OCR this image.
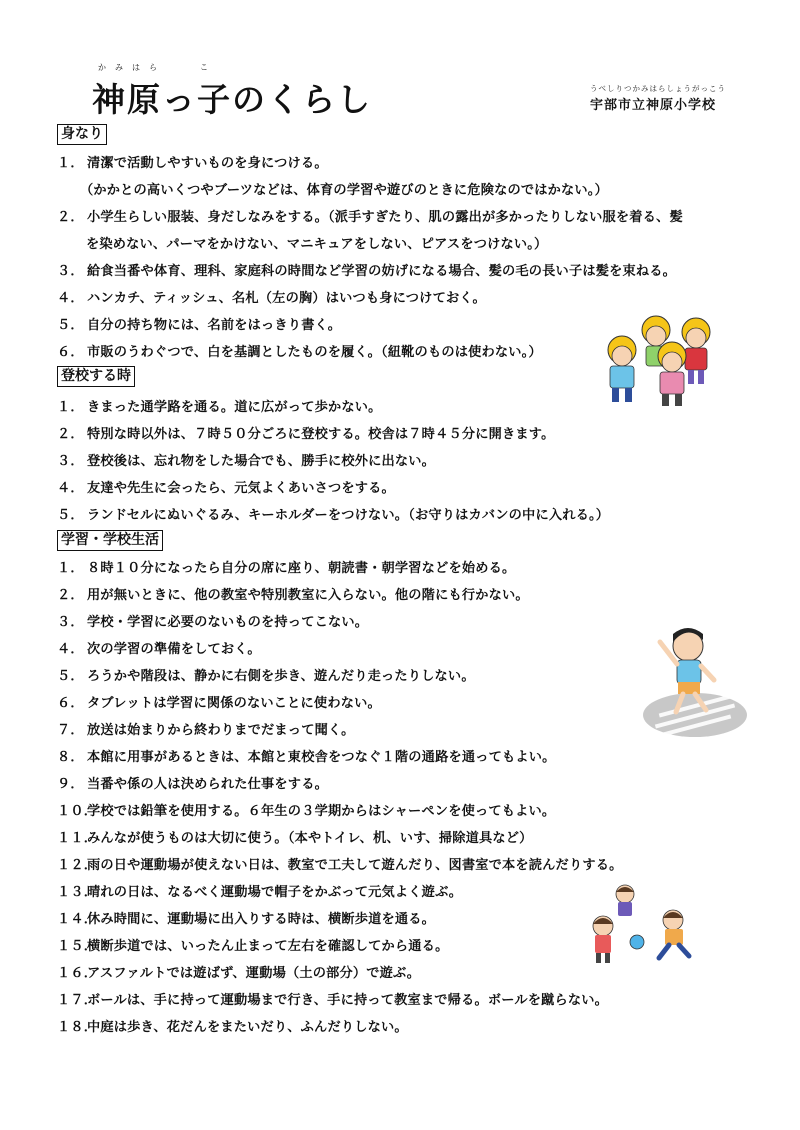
かみはら　　こ
神原っ子のくらし	うべしりつかみはらしょうがっこう
宇部市立神原小学校
身なり
１． 清潔で活動しやすいものを身につける。
（かかとの高いくつやブーツなどは、体育の学習や遊びのときに危険なのではかない。）
２． 小学生らしい服装、身だしなみをする。（派手すぎたり、肌の露出が多かったりしない服を着る、髪
を染めない、パーマをかけない、マニキュアをしない、ピアスをつけない。）
３． 給食当番や体育、理科、家庭科の時間など学習の妨げになる場合、髪の毛の長い子は髪を束ねる。
４． ハンカチ、ティッシュ、名札（左の胸）はいつも身につけておく。
５． 自分の持ち物には、名前をはっきり書く。
６． 市販のうわぐつで、白を基調としたものを履く。（紐靴のものは使わない。）
登校する時
１． きまった通学路を通る。道に広がって歩かない。
２． 特別な時以外は、７時５０分ごろに登校する。校舎は７時４５分に開きます。
３． 登校後は、忘れ物をした場合でも、勝手に校外に出ない。
４． 友達や先生に会ったら、元気よくあいさつをする。
５． ランドセルにぬいぐるみ、キーホルダーをつけない。（お守りはカバンの中に入れる。）
学習・学校生活
１． ８時１０分になったら自分の席に座り、朝読書・朝学習などを始める。
２． 用が無いときに、他の教室や特別教室に入らない。他の階にも行かない。
３． 学校・学習に必要のないものを持ってこない。
４． 次の学習の準備をしておく。
５． ろうかや階段は、静かに右側を歩き、遊んだり走ったりしない。
６． タブレットは学習に関係のないことに使わない。
７． 放送は始まりから終わりまでだまって聞く。
８． 本館に用事があるときは、本館と東校舎をつなぐ１階の通路を通ってもよい。
９． 当番や係の人は決められた仕事をする。
１０．学校では鉛筆を使用する。６年生の３学期からはシャーペンを使ってもよい。
１１．みんなが使うものは大切に使う。（本やトイレ、机、いす、掃除道具など）
１２．雨の日や運動場が使えない日は、教室で工夫して遊んだり、図書室で本を読んだりする。
１３．晴れの日は、なるべく運動場で帽子をかぶって元気よく遊ぶ。
１４．休み時間に、運動場に出入りする時は、横断歩道を通る。
１５．横断歩道では、いったん止まって左右を確認してから通る。
１６．アスファルトでは遊ばず、運動場（土の部分）で遊ぶ。
１７．ボールは、手に持って運動場まで行き、手に持って教室まで帰る。ボールを蹴らない。
１８．中庭は歩き、花だんをまたいだり、ふんだりしない。
